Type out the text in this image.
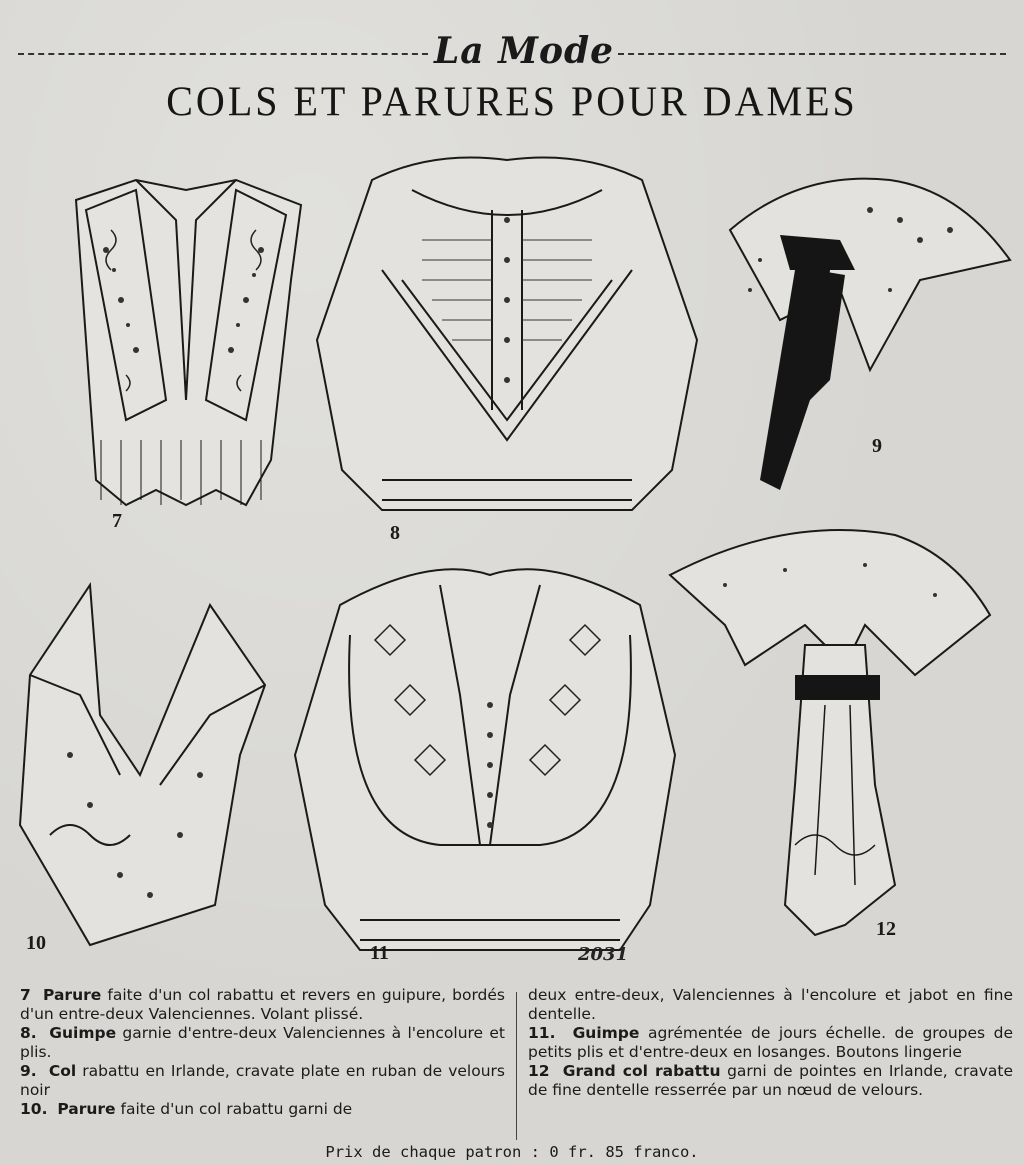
La Mode
COLS ET PARURES POUR DAMES
7
8
9
10	11	2031
12
7 Parure faite d'un col rabattu et revers en guipure, bordés d'un entre-deux Valenciennes. Volant plissé.
8. Guimpe garnie d'entre-deux Valenciennes à l'encolure et plis.
9. Col rabattu en Irlande, cravate plate en ruban de velours noir
10. Parure faite d'un col rabattu garni de
deux entre-deux, Valenciennes à l'encolure et jabot en fine dentelle.
11. Guimpe agrémentée de jours échelle. de groupes de petits plis et d'entre-deux en losanges. Boutons lingerie
12 Grand col rabattu garni de pointes en Irlande, cravate de fine dentelle resserrée par un nœud de velours.
Prix de chaque patron : 0 fr. 85 franco.
